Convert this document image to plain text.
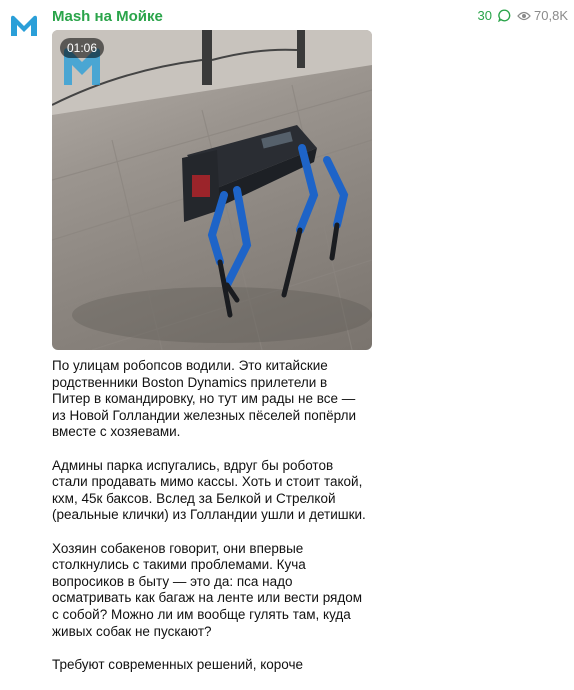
Mash на Мойке	30	70,8K
01:06

По улицам робопсов водили. Это китайские
родственники Boston Dynamics прилетели в
Питер в командировку, но тут им рады не все —
из Новой Голландии железных пёселей попёрли
вместе с хозяевами.

Админы парка испугались, вдруг бы роботов
стали продавать мимо кассы. Хоть и стоит такой,
кхм, 45к баксов. Вслед за Белкой и Стрелкой
(реальные клички) из Голландии ушли и детишки.

Хозяин собакенов говорит, они впервые
столкнулись с такими проблемами. Куча
вопросиков в быту — это да: пса надо
осматривать как багаж на ленте или вести рядом
с собой? Можно ли им вообще гулять там, куда
живых собак не пускают?

Требуют современных решений, короче
